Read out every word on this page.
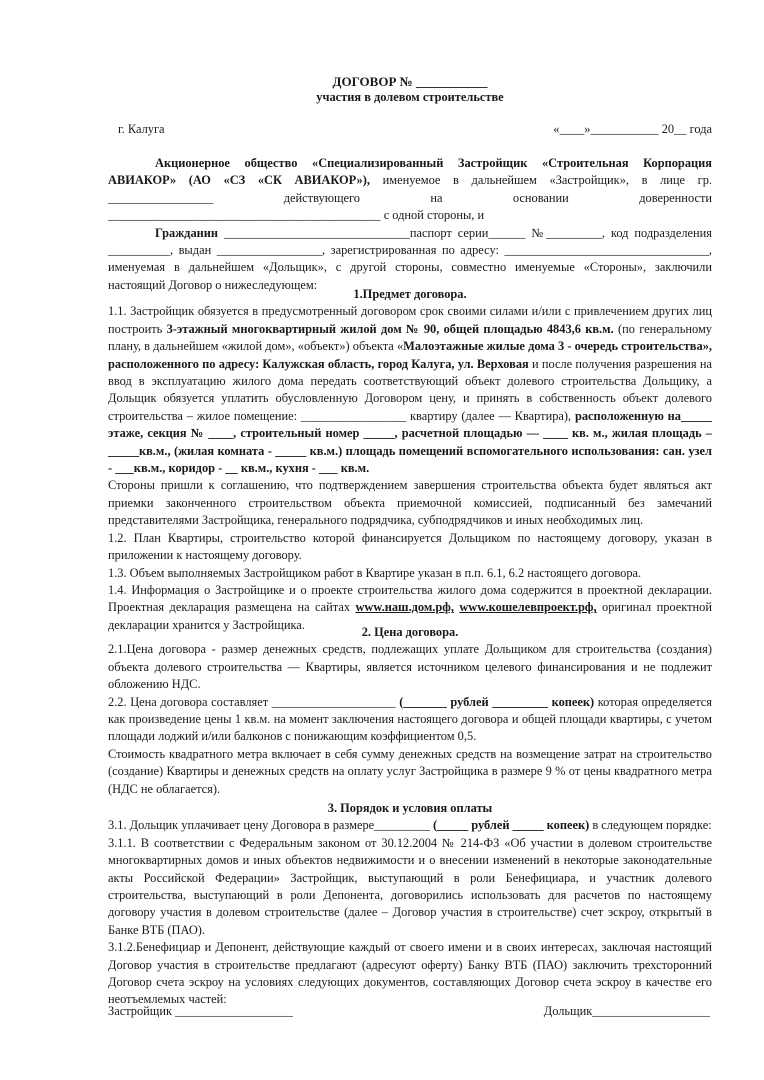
ДОГОВОР № ___________
участия в долевом строительстве
г. Калуга	«____»___________ 20__ года

Акционерное общество «Специализированный Застройщик «Строительная Корпорация АВИАКОР» (АО «СЗ «СК АВИАКОР»), именуемое в дальнейшем «Застройщик», в лице гр. _________________ действующего на основании доверенности ____________________________________________ с одной стороны, и

Гражданин ______________________________паспорт серии______ №_________, код подразделения __________, выдан _________________, зарегистрированная по адресу: _________________________________, именуемая в дальнейшем «Дольщик», с другой стороны, совместно именуемые «Стороны», заключили настоящий Договор о нижеследующем:

1.Предмет договора.

1.1. Застройщик обязуется в предусмотренный договором срок своими силами и/или с привлечением других лиц построить 3-этажный многоквартирный жилой дом № 90, общей площадью 4843,6 кв.м. (по генеральному плану, в дальнейшем «жилой дом», «объект») объекта «Малоэтажные жилые дома 3 - очередь строительства», расположенного по адресу: Калужская область, город Калуга, ул. Верховая и после получения разрешения на ввод в эксплуатацию жилого дома передать соответствующий объект долевого строительства Дольщику, а Дольщик обязуется уплатить обусловленную Договором цену, и принять в собственность объект долевого строительства – жилое помещение: _________________ квартиру (далее — Квартира), расположенную на_____ этаже, секция № ____, строительный номер _____, расчетной площадью — ____ кв. м., жилая площадь – _____кв.м., (жилая комната - _____ кв.м.) площадь помещений вспомогательного использования: сан. узел - ___кв.м., коридор - __ кв.м., кухня - ___ кв.м.

Стороны пришли к соглашению, что подтверждением завершения строительства объекта будет являться акт приемки законченного строительством объекта приемочной комиссией, подписанный без замечаний представителями Застройщика, генерального подрядчика, субподрядчиков и иных необходимых лиц.

1.2. План Квартиры, строительство которой финансируется Дольщиком по настоящему договору, указан в приложении к настоящему договору.

1.3. Объем выполняемых Застройщиком работ в Квартире указан в п.п. 6.1, 6.2 настоящего договора.

1.4. Информация о Застройщике и о проекте строительства жилого дома содержится в проектной декларации. Проектная декларация размещена на сайтах www.наш.дом.рф, www.кошелевпроект.рф, оригинал проектной декларации хранится у Застройщика.

2. Цена договора.

2.1.Цена договора - размер денежных средств, подлежащих уплате Дольщиком для строительства (создания) объекта долевого строительства — Квартиры, является источником целевого финансирования и не подлежит обложению НДС.

2.2. Цена договора составляет ____________________ (_______ рублей _________ копеек) которая определяется как произведение цены 1 кв.м. на момент заключения настоящего договора и общей площади квартиры, с учетом площади лоджий и/или балконов с понижающим коэффициентом 0,5.

Стоимость квадратного метра включает в себя сумму денежных средств на возмещение затрат на строительство (создание) Квартиры и денежных средств на оплату услуг Застройщика в размере 9 % от цены квадратного метра (НДС не облагается).

3. Порядок и условия оплаты

3.1. Дольщик уплачивает цену Договора в размере_________ (_____ рублей _____ копеек) в следующем порядке:

3.1.1. В соответствии с Федеральным законом от 30.12.2004 № 214-ФЗ «Об участии в долевом строительстве многоквартирных домов и иных объектов недвижимости и о внесении изменений в некоторые законодательные акты Российской Федерации» Застройщик, выступающий в роли Бенефициара, и участник долевого строительства, выступающий в роли Депонента, договорились использовать для расчетов по настоящему договору участия в долевом строительстве (далее – Договор участия в строительстве) счет эскроу, открытый в Банке ВТБ (ПАО).

3.1.2.Бенефициар и Депонент, действующие каждый от своего имени и в своих интересах, заключая настоящий Договор участия в строительстве предлагают (адресуют оферту) Банку ВТБ (ПАО) заключить трехсторонний Договор счета эскроу на условиях следующих документов, составляющих Договор счета эскроу в качестве его неотъемлемых частей:

Застройщик ___________________	Дольщик___________________
